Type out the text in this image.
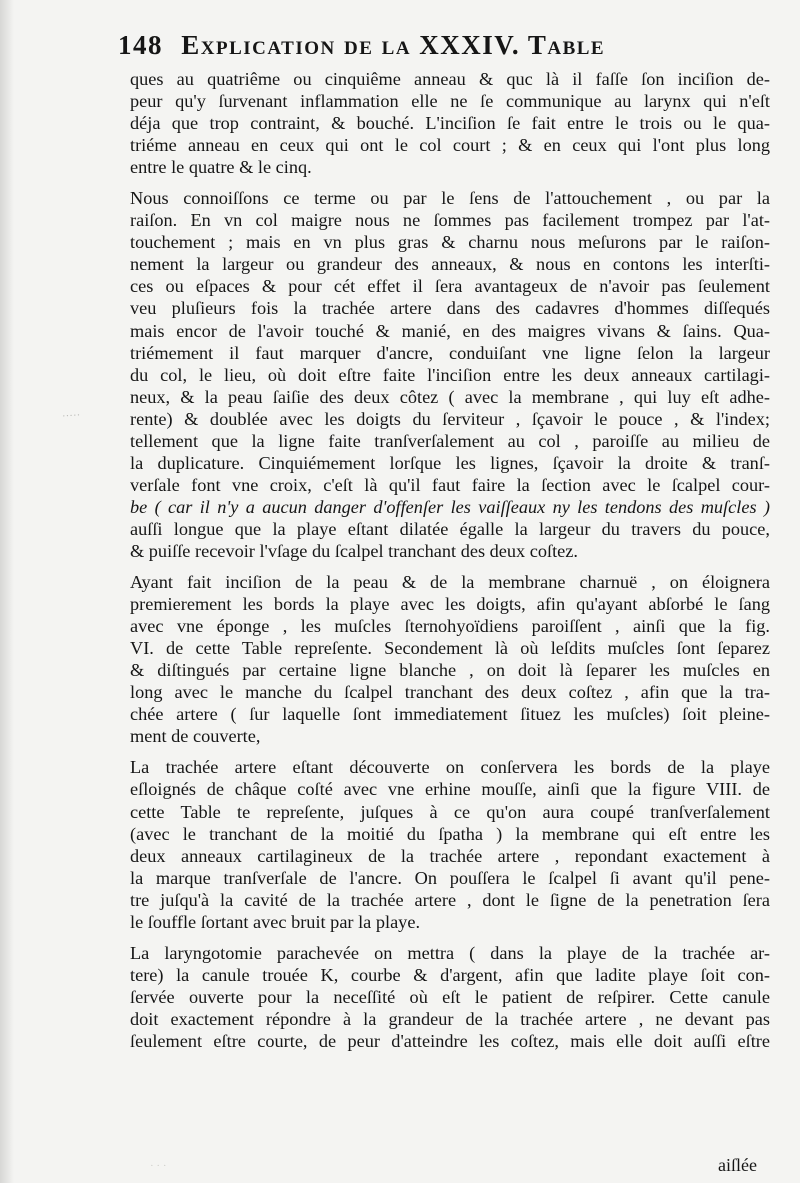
148 Explication de la XXXIV. Table
·····
ques au quatriême ou cinquiême anneau & quc là il faſſe ſon inciſion de-
peur qu'y ſurvenant inflammation elle ne ſe communique au larynx qui n'eſt
déja que trop contraint, & bouché. L'inciſion ſe fait entre le trois ou le qua-
triéme anneau en ceux qui ont le col court ; & en ceux qui l'ont plus long
entre le quatre & le cinq.
Nous connoiſſons ce terme ou par le ſens de l'attouchement , ou par la
raiſon. En vn col maigre nous ne ſommes pas facilement trompez par l'at-
touchement ; mais en vn plus gras & charnu nous meſurons par le raiſon-
nement la largeur ou grandeur des anneaux, & nous en contons les interſti-
ces ou eſpaces & pour cét effet il ſera avantageux de n'avoir pas ſeulement
veu pluſieurs fois la trachée artere dans des cadavres d'hommes diſſequés
mais encor de l'avoir touché & manié, en des maigres vivans & ſains. Qua-
triémement il faut marquer d'ancre, conduiſant vne ligne ſelon la largeur
du col, le lieu, où doit eſtre faite l'inciſion entre les deux anneaux cartilagi-
neux, & la peau ſaiſie des deux côtez ( avec la membrane , qui luy eſt adhe-
rente) & doublée avec les doigts du ſerviteur , ſçavoir le pouce , & l'index;
tellement que la ligne faite tranſverſalement au col , paroiſſe au milieu de
la duplicature. Cinquiémement lorſque les lignes, ſçavoir la droite & tranſ-
verſale font vne croix, c'eſt là qu'il faut faire la ſection avec le ſcalpel cour-
be ( car il n'y a aucun danger d'offenſer les vaiſſeaux ny les tendons des muſcles )
auſſi longue que la playe eſtant dilatée égalle la largeur du travers du pouce,
& puiſſe recevoir l'vſage du ſcalpel tranchant des deux coſtez.
Ayant fait inciſion de la peau & de la membrane charnuë , on éloignera
premierement les bords la playe avec les doigts, afin qu'ayant abſorbé le ſang
avec vne éponge , les muſcles ſternohyoïdiens paroiſſent , ainſi que la fig.
VI. de cette Table repreſente. Secondement là où leſdits muſcles ſont ſeparez
& diſtingués par certaine ligne blanche , on doit là ſeparer les muſcles en
long avec le manche du ſcalpel tranchant des deux coſtez , afin que la tra-
chée artere ( ſur laquelle ſont immediatement ſituez les muſcles) ſoit pleine-
ment de couverte,
La trachée artere eſtant découverte on conſervera les bords de la playe
eſloignés de châque coſté avec vne erhine mouſſe, ainſi que la figure VIII. de
cette Table te repreſente, juſques à ce qu'on aura coupé tranſverſalement
(avec le tranchant de la moitié du ſpatha ) la membrane qui eſt entre les
deux anneaux cartilagineux de la trachée artere , repondant exactement à
la marque tranſverſale de l'ancre. On pouſſera le ſcalpel ſi avant qu'il pene-
tre juſqu'à la cavité de la trachée artere , dont le ſigne de la penetration ſera
le ſouffle ſortant avec bruit par la playe.
La laryngotomie parachevée on mettra ( dans la playe de la trachée ar-
tere) la canule trouée K, courbe & d'argent, afin que ladite playe ſoit con-
ſervée ouverte pour la neceſſité où eſt le patient de reſpirer. Cette canule
doit exactement répondre à la grandeur de la trachée artere , ne devant pas
ſeulement eſtre courte, de peur d'atteindre les coſtez, mais elle doit auſſi eſtre
aiſlée
· · ·
